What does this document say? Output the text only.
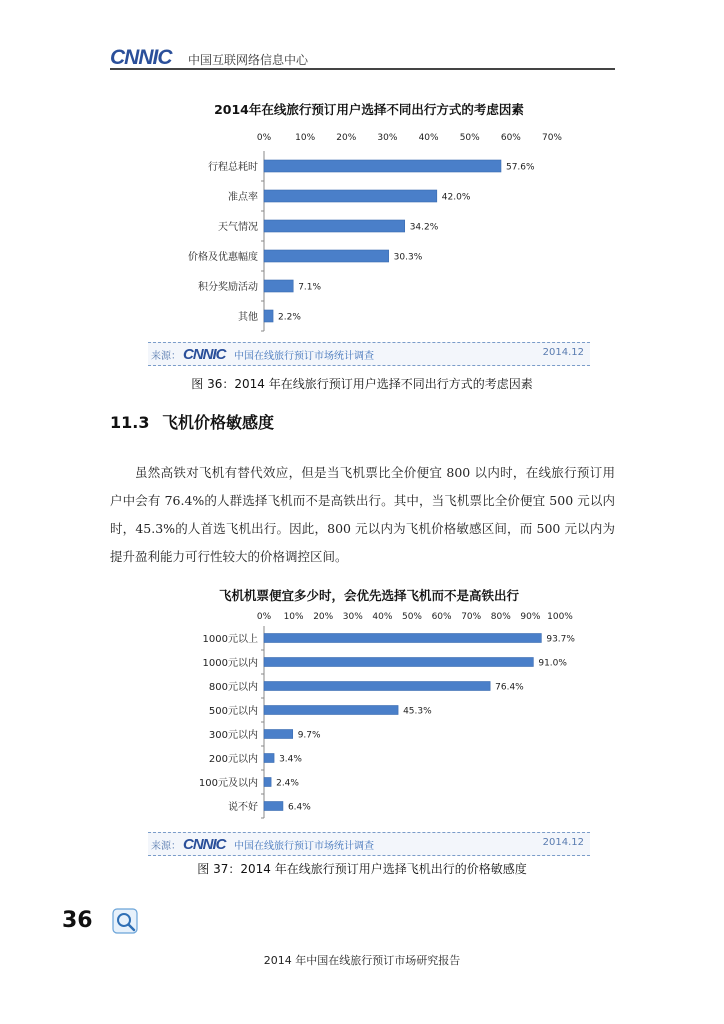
CNNIC 中国互联网络信息中心
2014年在线旅行预订用户选择不同出行方式的考虑因素
0%	10% 20% 30% 40% 50% 60% 70%
行程总耗时	57.6%
准点率	42.0%
天气情况	34.2%
价格及优惠幅度	30.3%
积分奖励活动	7.1%
其他 2.2%
来源： CNNIC 中国在线旅行预订市场统计调查	2014.12
图 36：2014 年在线旅行预订用户选择不同出行方式的考虑因素
11.3 飞机价格敏感度

虽然高铁对飞机有替代效应，但是当飞机票比全价便宜 800 以内时，在线旅行预订用户中会有 76.4%的人群选择飞机而不是高铁出行。其中，当飞机票比全价便宜 500 元以内时，45.3%的人首选飞机出行。因此，800 元以内为飞机价格敏感区间，而 500 元以内为提升盈利能力可行性较大的价格调控区间。

飞机机票便宜多少时，会优先选择飞机而不是高铁出行
0% 10% 20% 30% 40% 50% 60% 70% 80% 90% 100%
1000元以上	93.7%
1000元以内	91.0%
800元以内	76.4%
500元以内	45.3%
300元以内	9.7%
200元以内 3.4%
100元及以内 2.4%
说不好	6.4%
来源： CNNIC 中国在线旅行预订市场统计调查	2014.12
图 37：2014 年在线旅行预订用户选择飞机出行的价格敏感度
36
2014 年中国在线旅行预订市场研究报告
